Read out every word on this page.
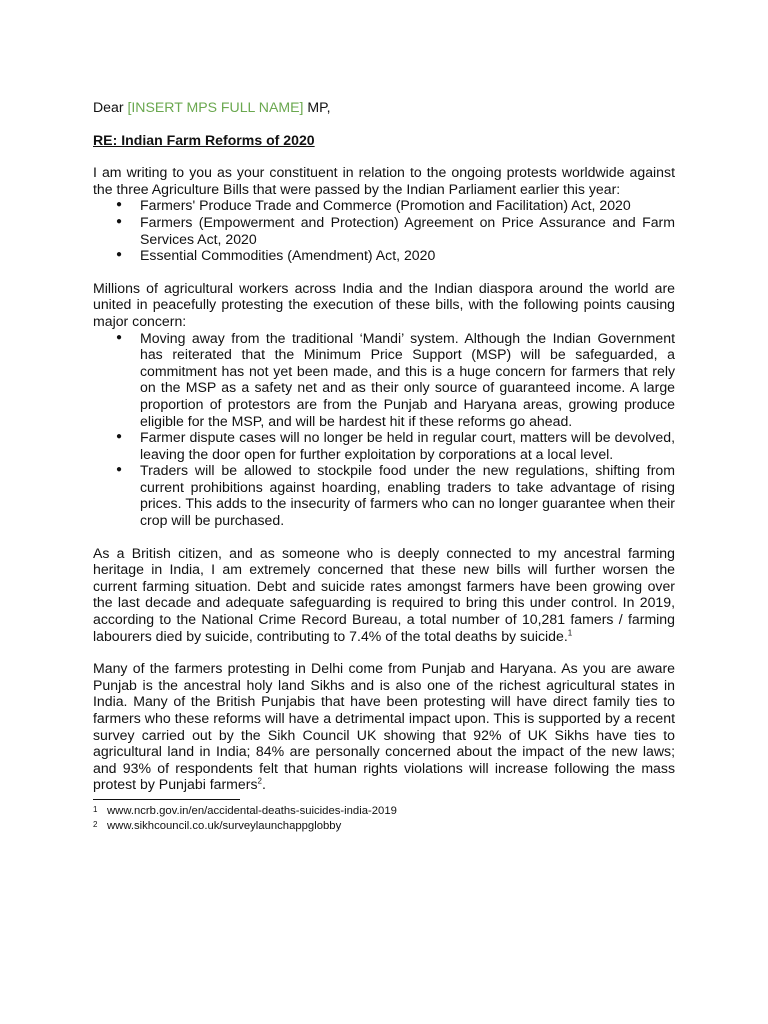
Dear [INSERT MPS FULL NAME] MP,

RE: Indian Farm Reforms of 2020

I am writing to you as your constituent in relation to the ongoing protests worldwide against the three Agriculture Bills that were passed by the Indian Parliament earlier this year:

● Farmers' Produce Trade and Commerce (Promotion and Facilitation) Act, 2020
● Farmers (Empowerment and Protection) Agreement on Price Assurance and Farm Services Act, 2020
● Essential Commodities (Amendment) Act, 2020

Millions of agricultural workers across India and the Indian diaspora around the world are united in peacefully protesting the execution of these bills, with the following points causing major concern:

● Moving away from the traditional ‘Mandi’ system. Although the Indian Government has reiterated that the Minimum Price Support (MSP) will be safeguarded, a commitment has not yet been made, and this is a huge concern for farmers that rely on the MSP as a safety net and as their only source of guaranteed income. A large proportion of protestors are from the Punjab and Haryana areas, growing produce eligible for the MSP, and will be hardest hit if these reforms go ahead.
● Farmer dispute cases will no longer be held in regular court, matters will be devolved, leaving the door open for further exploitation by corporations at a local level.
● Traders will be allowed to stockpile food under the new regulations, shifting from current prohibitions against hoarding, enabling traders to take advantage of rising prices. This adds to the insecurity of farmers who can no longer guarantee when their crop will be purchased.

As a British citizen, and as someone who is deeply connected to my ancestral farming heritage in India, I am extremely concerned that these new bills will further worsen the current farming situation. Debt and suicide rates amongst farmers have been growing over the last decade and adequate safeguarding is required to bring this under control. In 2019, according to the National Crime Record Bureau, a total number of 10,281 famers / farming labourers died by suicide, contributing to 7.4% of the total deaths by suicide.$^1$

Many of the farmers protesting in Delhi come from Punjab and Haryana. As you are aware Punjab is the ancestral holy land Sikhs and is also one of the richest agricultural states in India. Many of the British Punjabis that have been protesting will have direct family ties to farmers who these reforms will have a detrimental impact upon. This is supported by a recent survey carried out by the Sikh Council UK showing that 92% of UK Sikhs have ties to agricultural land in India; 84% are personally concerned about the impact of the new laws; and 93% of respondents felt that human rights violations will increase following the mass protest by Punjabi farmers$^2$.

1 www.ncrb.gov.in/en/accidental-deaths-suicides-india-2019
2 www.sikhcouncil.co.uk/surveylaunchappglobby
